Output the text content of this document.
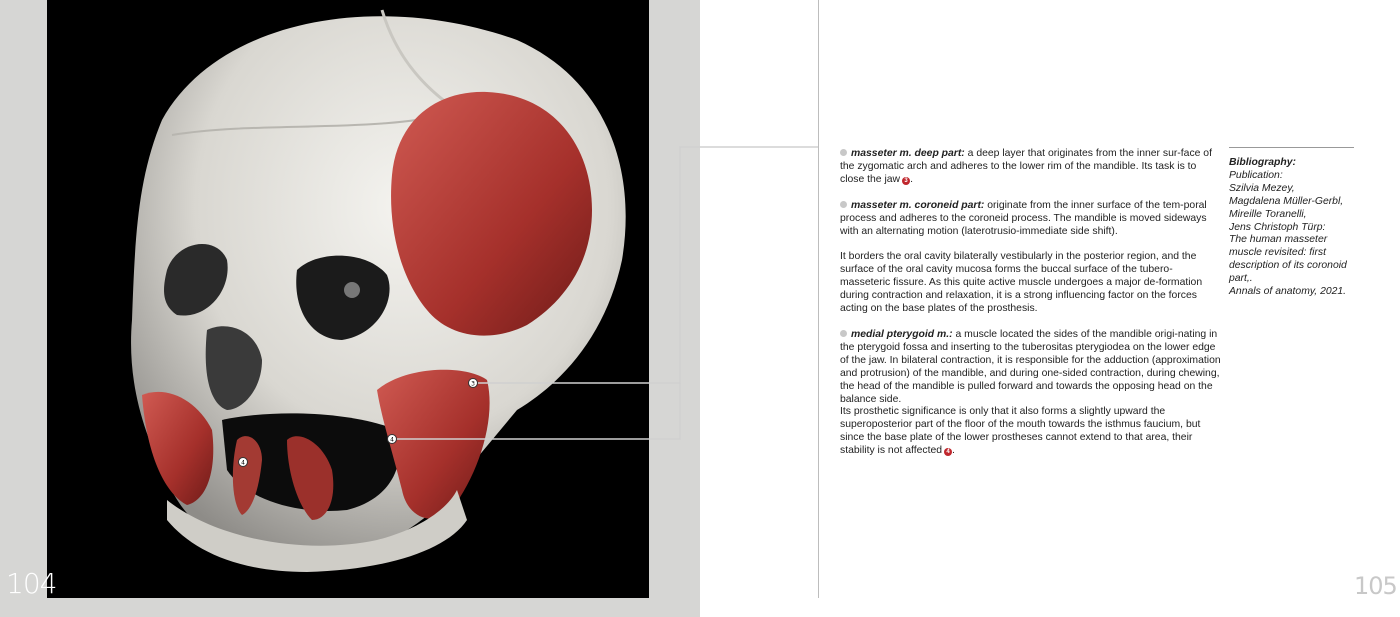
3
4
4
104

masseter m. deep part: a deep layer that originates from the inner sur-face of the zygomatic arch and adheres to the lower rim of the mandible. Its task is to close the jaw 3 .

masseter m. coroneid part: originate from the inner surface of the tem-poral process and adheres to the coroneid process. The mandible is moved sideways with an alternating motion (laterotrusio-immediate side shift).

It borders the oral cavity bilaterally vestibularly in the posterior region, and the surface of the oral cavity mucosa forms the buccal surface of the tubero-masseteric fissure. As this quite active muscle undergoes a major de-formation during contraction and relaxation, it is a strong influencing factor on the forces acting on the base plates of the prosthesis.

medial pterygoid m.: a muscle located the sides of the mandible origi-nating in the pterygoid fossa and inserting to the tuberositas pterygiodea on the lower edge of the jaw. In bilateral contraction, it is responsible for the adduction (approximation and protrusion) of the mandible, and during one-sided contraction, during chewing, the head of the mandible is pulled forward and towards the opposing head on the balance side.
Its prosthetic significance is only that it also forms a slightly upward the superoposterior part of the floor of the mouth towards the isthmus faucium, but since the base plate of the lower prostheses cannot extend to that area, their stability is not affected 4 .

Bibliography:
Publication:
Szilvia Mezey,
Magdalena Müller-Gerbl,
Mireille Toranelli,
Jens Christoph Türp:
The human masseter muscle revisited: first description of its coronoid part,.
Annals of anatomy, 2021.
105
